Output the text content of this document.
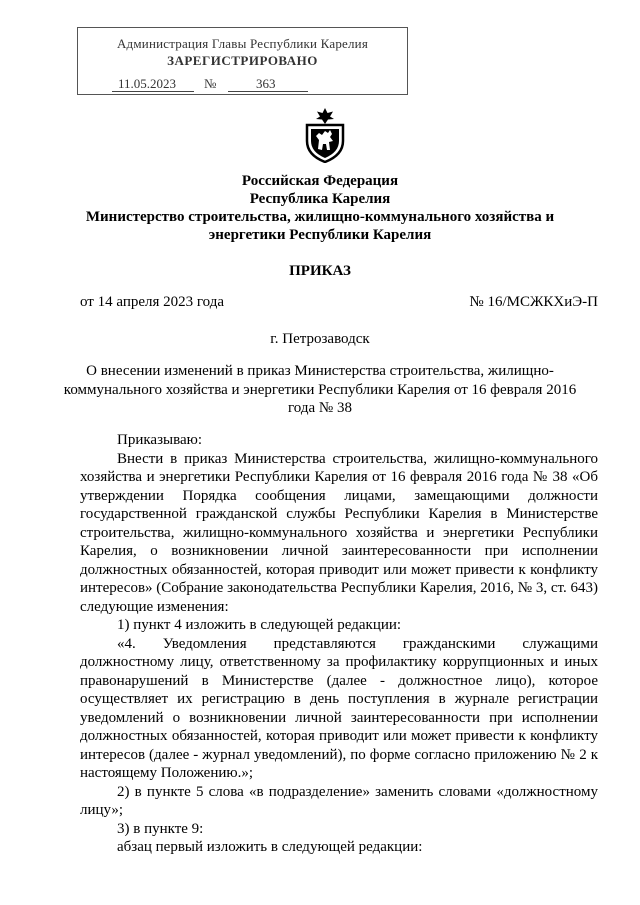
Администрация Главы Республики Карелия
ЗАРЕГИСТРИРОВАНО
11.05.2023 №	363
Российская Федерация
Республика Карелия
Министерство строительства, жилищно-коммунального хозяйства и
энергетики Республики Карелия
ПРИКАЗ
от 14 апреля 2023 года	№ 16/МСЖКХиЭ-П
г. Петрозаводск
О внесении изменений в приказ Министерства строительства, жилищно-
коммунального хозяйства и энергетики Республики Карелия от 16 февраля 2016
года № 38

Приказываю:

Внести в приказ Министерства строительства, жилищно-коммунального хозяйства и энергетики Республики Карелия от 16 февраля 2016 года № 38 «Об утверждении Порядка сообщения лицами, замещающими должности государственной гражданской службы Республики Карелия в Министерстве строительства, жилищно-коммунального хозяйства и энергетики Республики Карелия, о возникновении личной заинтересованности при исполнении должностных обязанностей, которая приводит или может привести к конфликту интересов» (Собрание законодательства Республики Карелия, 2016, № 3, ст. 643) следующие изменения:

1) пункт 4 изложить в следующей редакции:

«4. Уведомления представляются гражданскими служащими должностному лицу, ответственному за профилактику коррупционных и иных правонарушений в Министерстве (далее - должностное лицо), которое осуществляет их регистрацию в день поступления в журнале регистрации уведомлений о возникновении личной заинтересованности при исполнении должностных обязанностей, которая приводит или может привести к конфликту интересов (далее - журнал уведомлений), по форме согласно приложению № 2 к настоящему Положению.»;

2) в пункте 5 слова «в подразделение» заменить словами «должностному лицу»;

3) в пункте 9:

абзац первый изложить в следующей редакции:
